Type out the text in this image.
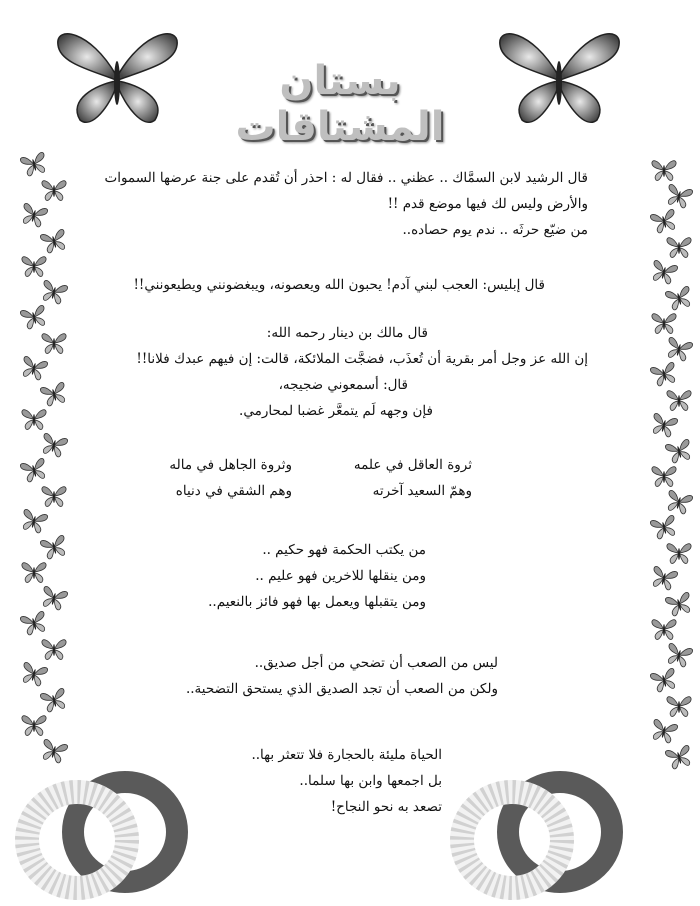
بستان المشتاقات
قال الرشيد لابن السمَّاك .. عظني .. فقال له : احذر أن تُقدم على جنة عرضها السموات
والأرض وليس لك فيها موضع قدم !!
من ضيّع حرثَه .. ندم يوم حصاده..
قال إبليس: العجب لبني آدم! يحبون الله ويعصونه، ويبغضونني ويطيعونني!!
قال مالك بن دينار رحمه الله:
إن الله عز وجل أمر بقرية أن تُعذَب، فضجَّت الملائكة، قالت: إن فيهم عبدك فلانا!!
قال: أسمعوني ضجيجه،
فإن وجهه لَم يتمعَّر غضبا لمحارمي.
ثروة العاقل في علمه
وهمّ السعيد آخرته
وثروة الجاهل في ماله
وهم الشقي في دنياه
من يكتب الحكمة فهو حكيم ..
ومن ينقلها للاخرين فهو عليم ..
ومن يتقبلها ويعمل بها فهو فائز بالنعيم..
ليس من الصعب أن تضحي من أجل صديق..
ولكن من الصعب أن تجد الصديق الذي يستحق التضحية..
الحياة مليئة بالحجارة فلا تتعثر بها..
بل اجمعها وابن بها سلما..
تصعد به نحو النجاح!
